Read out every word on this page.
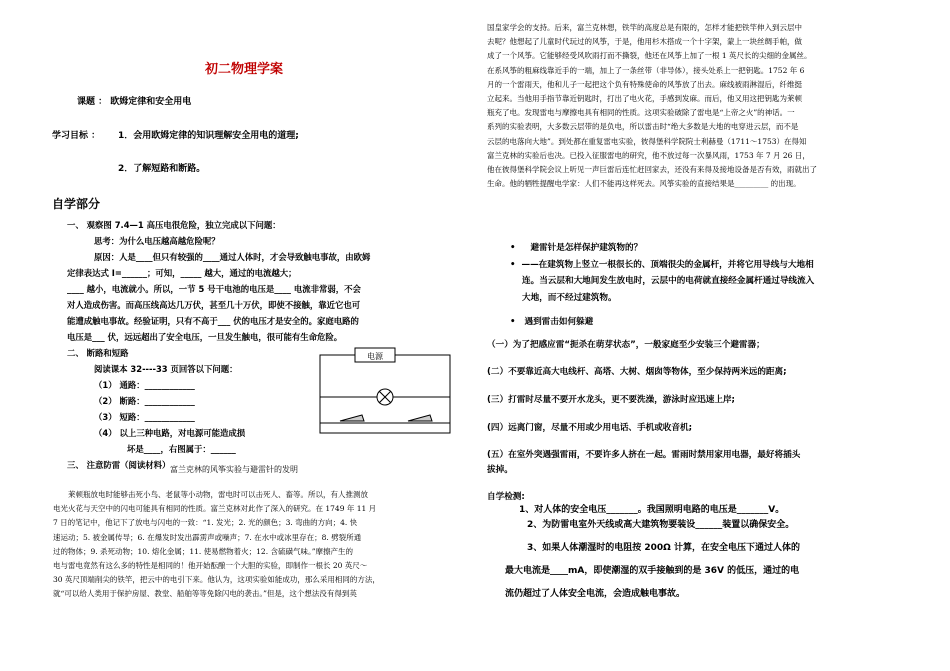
初二物理学案
课题 ： 欧姆定律和安全用电
学习目标 ： 1．会用欧姆定律的知识理解安全用电的道理;
2．了解短路和断路。
自学部分
一、 观察图 7.4—1 高压电很危险，独立完成以下问题：
思考：为什么电压越高越危险呢？
原因：人是____但只有较强的____通过人体时，才会导致触电事故，由欧姆
定律表达式 I=______；可知，_____ 越大，通过的电流越大；
____ 越小，电流就小。所以，一节 5 号干电池的电压是____ 电流非常弱，不会
对人造成伤害。而高压线高达几万伏，甚至几十万伏，即使不接触，靠近它也可
能遭成触电事故。经验证明，只有不高于___ 伏的电压才是安全的。家庭电路的
电压是___ 伏，远远超出了安全电压，一旦发生触电，很可能有生命危险。
二、 断路和短路
阅读课本 32----33 页回答以下问题：
（1） 通路：____________
（2） 断路：____________
（3） 短路：____________
（4） 以上三种电路，对电源可能造成损
坏是____，右图属于：______
三、 注意防雷（阅读材料）
电源
富兰克林的风筝实验与避雷针的发明
莱顿瓶放电时能够击死小鸟、老鼠等小动物，雷电时可以击死人、畜等。所以，有人推测放
电光火花与天空中的闪电可能具有相同的性质。富兰克林对此作了深入的研究。在 1749 年 11 月
7 日的笔记中，他记下了放电与闪电的一致：“1. 发光；2. 光的颜色；3. 弯曲的方向；4. 快
速运动；5. 被金属传导；6. 在爆发时发出霹雳声或噪声；7. 在水中或冰里存在；8. 劈裂所通
过的物体；9. 杀死动物；10. 熔化金属；11. 使易燃物着火；12. 含硫磺气味。”摩擦产生的
电与雷电竟然有这么多的特性是相同的！他开始酝酿一个大胆的实验，即制作一根长 20 英尺～
30 英尺顶端削尖的铁竿，把云中的电引下来。他认为，这项实验如能成功，那么采用相同的方法，
就“可以给人类用于保护房屋、教堂、船舶等等免除闪电的袭击。”但是，这个想法没有得到英
国皇家学会的支持。后来，富兰克林想，铁竿的高度总是有限的，怎样才能把铁竿伸入到云层中
去呢？他想起了儿童时代玩过的风筝，于是，他用杉木搭成一个十字架，蒙上一块丝绸手帕，做
成了一个风筝。它能够经受风吹雨打而不撕裂，他还在风筝上加了一根 1 英尺长的尖细的金属丝。
在系风筝的粗麻线靠近手的一端，加上了一条丝带（非导体），接头处系上一把钥匙。1752 年 6
月的一个雷雨天，他和儿子一起把这个负有特殊使命的风筝放了出去。麻线被雨淋湿后，纤维挺
立起来。当他用手指节靠近钥匙时，打出了电火花，手感到发麻。而后，他又用这把钥匙为莱顿
瓶充了电。发现雷电与摩擦电具有相同的性质。这项实验破除了雷电是“上帝之火”的神话。一
系列的实验表明，大多数云层带的是负电，所以雷击时“绝大多数是大地的电穿进云层，而不是
云层的电落向大地”。到处都在重复雷电实验，彼得堡科学院院士利赫曼（1711～1753）在得知
富兰克林的实验后也决。已投入征服雷电的研究，他不放过每一次暴风雨，1753 年 7 月 26 日，
他在彼得堡科学院会议上听见一声巨雷后连忙赶回家去，还没有来得及接地设备是否有效，雨就出了
生命。他的牺牲提醒电学家：人们不能再这样死去。风筝实验的直接结果是_________ 的出现。
•     避雷针是怎样保护建筑物的？
•  ——在建筑物上竖立一根很长的、顶端很尖的金属杆，并将它用导线与大地相
连。当云层和大地间发生放电时，云层中的电荷就直接经金属杆通过导线流入
大地，而不经过建筑物。
•   遇到雷击如何躲避
（一）为了把感应雷“扼杀在萌芽状态”，一般家庭至少安装三个避雷器；
(二）不要靠近高大电线杆、高塔、大树、烟囱等物体，至少保持两米远的距离;
(三）打雷时尽量不要开水龙头，更不要洗澡，游泳时应迅速上岸;
(四）远离门窗，尽量不用或少用电话、手机或收音机;
(五）在室外突遇强雷雨，不要许多人挤在一起。雷雨时禁用家用电器，最好将插头
拔掉。
自学检测:
1、对人体的安全电压_______。我国照明电路的电压是_______V。
2、为防雷电室外天线或高大建筑物要装设______装置以确保安全。
3、如果人体潮湿时的电阻按 200Ω 计算，在安全电压下通过人体的
最大电流是____mA，即使潮湿的双手接触到的是 36V 的低压，通过的电
流仍超过了人体安全电流，会造成触电事故。
